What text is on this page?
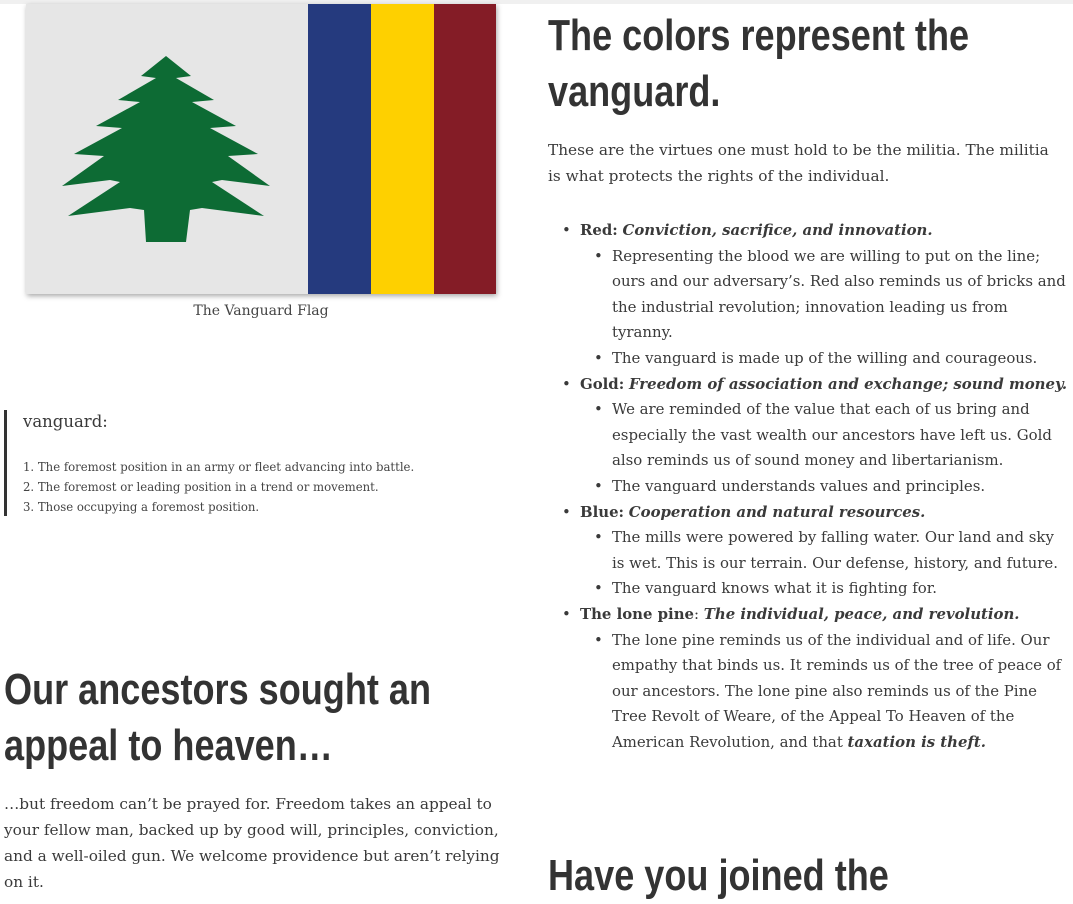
The Vanguard Flag
vanguard:
1. The foremost position in an army or fleet advancing into battle.
2. The foremost or leading position in a trend or movement.
3. Those occupying a foremost position.
Our ancestors sought an
appeal to heaven…

…but freedom can’t be prayed for. Freedom takes an appeal to your fellow man, backed up by good will, principles, conviction, and a well-oiled gun. We welcome providence but aren’t relying on it.

The colors represent the
vanguard.

These are the virtues one must hold to be the militia. The militia is what protects the rights of the individual.

• Red: Conviction, sacrifice, and innovation.
• Representing the blood we are willing to put on the line; ours and our adversary’s. Red also reminds us of bricks and the industrial revolution; innovation leading us from tyranny.
• The vanguard is made up of the willing and courageous.
• Gold: Freedom of association and exchange; sound money.
• We are reminded of the value that each of us bring and especially the vast wealth our ancestors have left us. Gold also reminds us of sound money and libertarianism.
• The vanguard understands values and principles.
• Blue: Cooperation and natural resources.
• The mills were powered by falling water. Our land and sky is wet. This is our terrain. Our defense, history, and future.
• The vanguard knows what it is fighting for.
• The lone pine: The individual, peace, and revolution.
• The lone pine reminds us of the individual and of life. Our empathy that binds us. It reminds us of the tree of peace of our ancestors. The lone pine also reminds us of the Pine Tree Revolt of Weare, of the Appeal To Heaven of the American Revolution, and that taxation is theft.
Have you joined the
